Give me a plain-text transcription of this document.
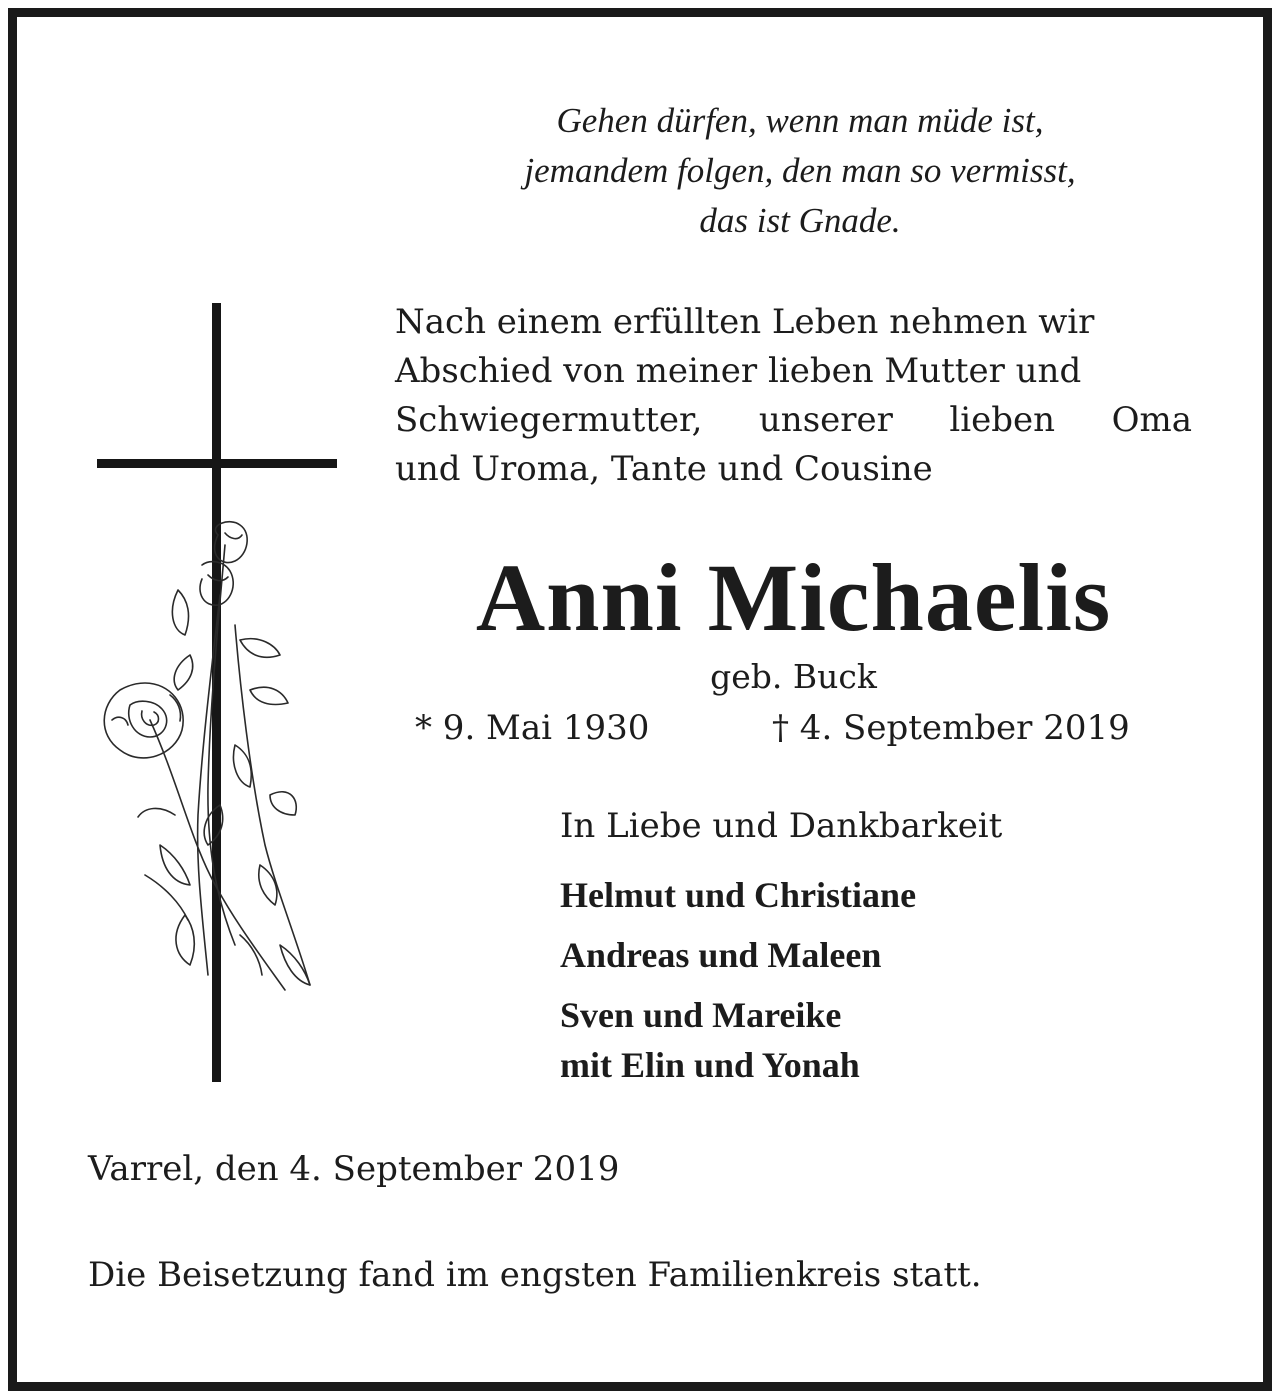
Gehen dürfen, wenn man müde ist,
jemandem folgen, den man so vermisst,
das ist Gnade.
Nach einem erfüllten Leben nehmen wir
Abschied von meiner lieben Mutter und
Schwiegermutter, unserer lieben Oma
und Uroma, Tante und Cousine
Anni Michaelis
geb. Buck
* 9. Mai 1930	† 4. September 2019
In Liebe und Dankbarkeit
Helmut und Christiane
Andreas und Maleen
Sven und Mareike
mit Elin und Yonah
Varrel, den 4. September 2019
Die Beisetzung fand im engsten Familienkreis statt.
